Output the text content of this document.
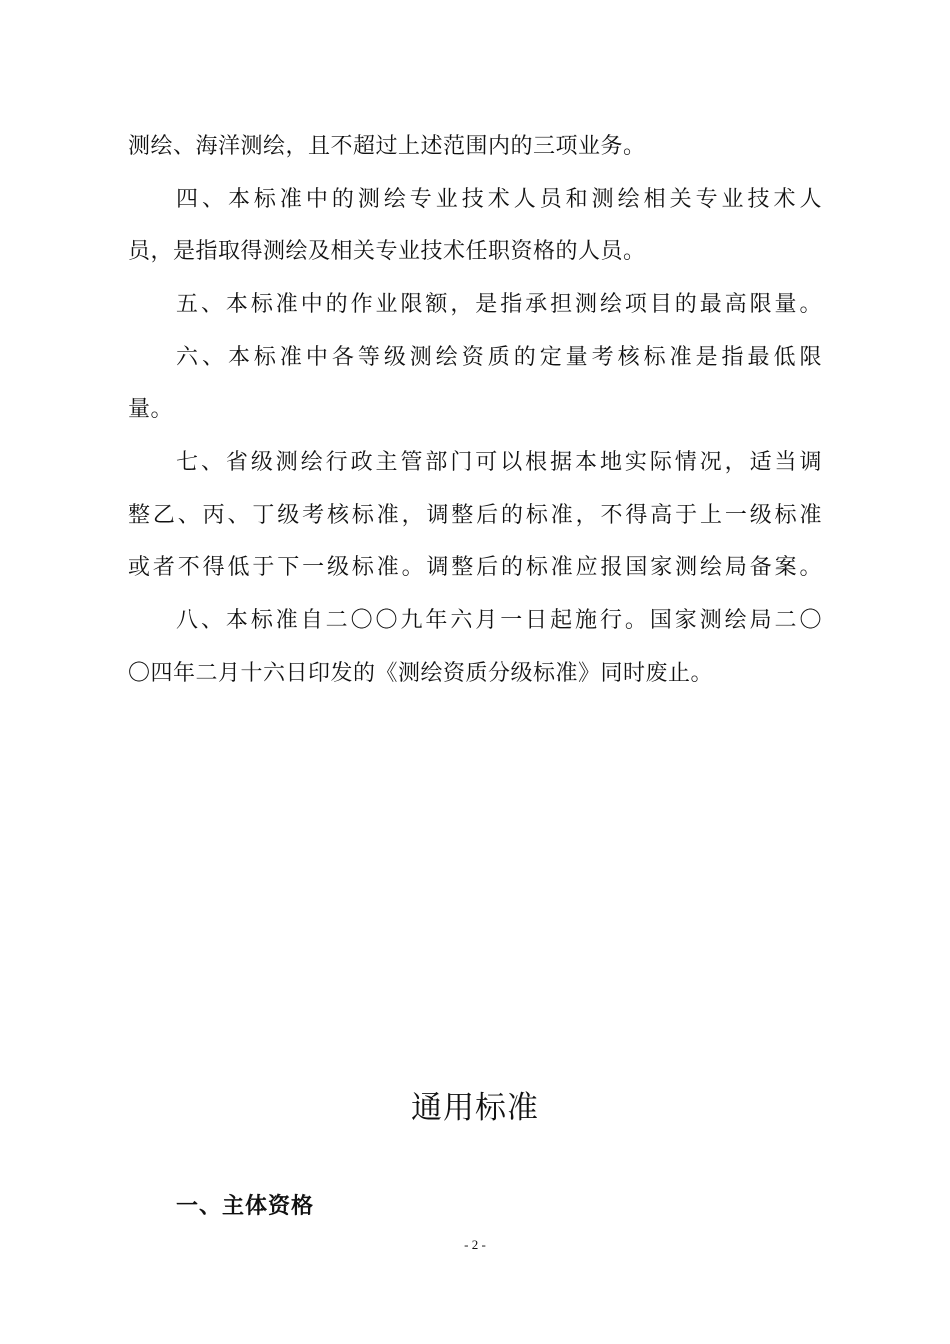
测绘、海洋测绘，且不超过上述范围内的三项业务。
四、本标准中的测绘专业技术人员和测绘相关专业技术人
员，是指取得测绘及相关专业技术任职资格的人员。
五、本标准中的作业限额，是指承担测绘项目的最高限量。
六、本标准中各等级测绘资质的定量考核标准是指最低限
量。
七、省级测绘行政主管部门可以根据本地实际情况，适当调
整乙、丙、丁级考核标准，调整后的标准，不得高于上一级标准
或者不得低于下一级标准。调整后的标准应报国家测绘局备案。
八、本标准自二〇〇九年六月一日起施行。国家测绘局二〇
〇四年二月十六日印发的《测绘资质分级标准》同时废止。
通用标准
一、主体资格
- 2 -
